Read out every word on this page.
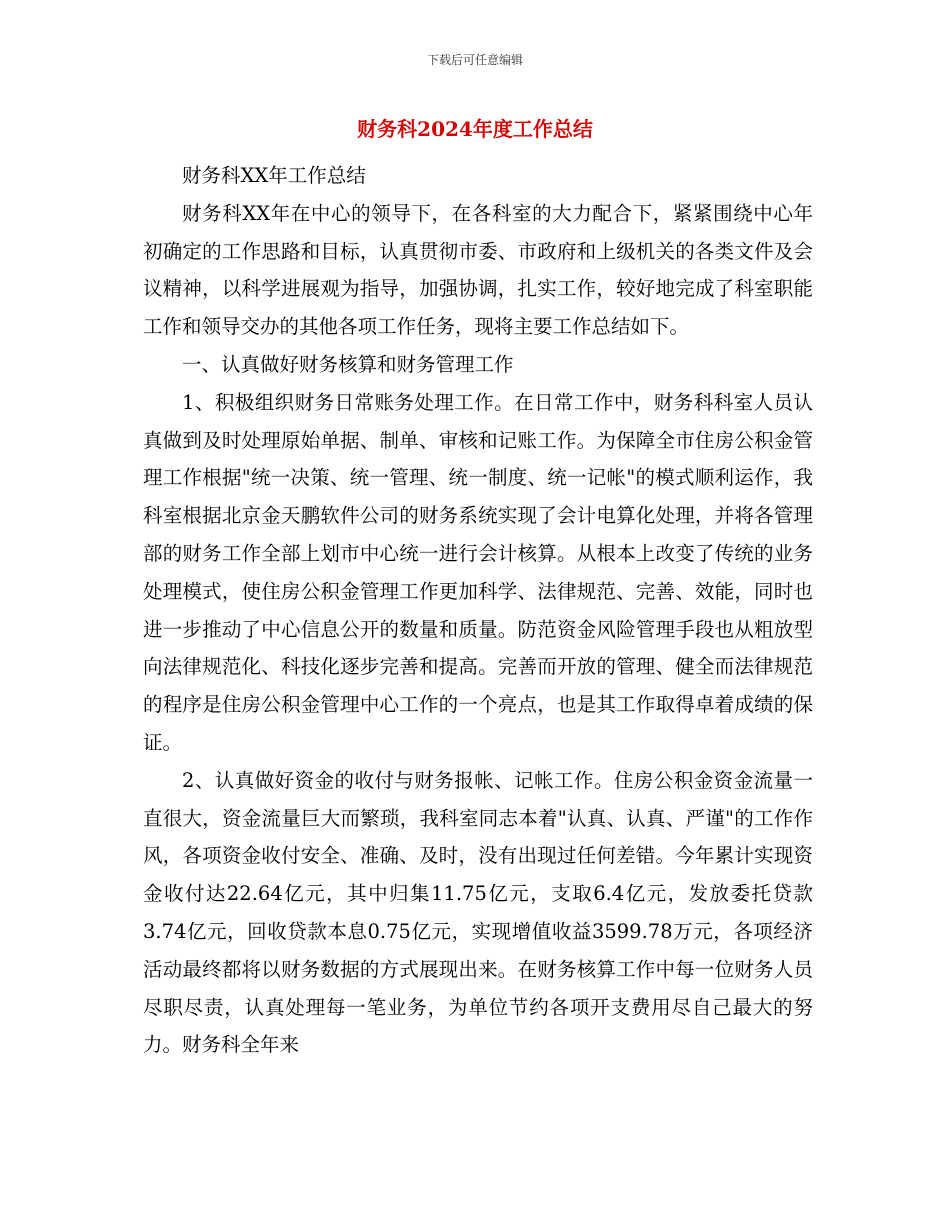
下载后可任意编辑
财务科2024年度工作总结

财务科XX年工作总结

财务科XX年在中心的领导下，在各科室的大力配合下，紧紧围绕中心年初确定的工作思路和目标，认真贯彻市委、市政府和上级机关的各类文件及会议精神，以科学进展观为指导，加强协调，扎实工作，较好地完成了科室职能工作和领导交办的其他各项工作任务，现将主要工作总结如下。

一、认真做好财务核算和财务管理工作

1、积极组织财务日常账务处理工作。在日常工作中，财务科科室人员认真做到及时处理原始单据、制单、审核和记账工作。为保障全市住房公积金管理工作根据"统一决策、统一管理、统一制度、统一记帐"的模式顺利运作，我科室根据北京金天鹏软件公司的财务系统实现了会计电算化处理，并将各管理部的财务工作全部上划市中心统一进行会计核算。从根本上改变了传统的业务处理模式，使住房公积金管理工作更加科学、法律规范、完善、效能，同时也进一步推动了中心信息公开的数量和质量。防范资金风险管理手段也从粗放型向法律规范化、科技化逐步完善和提高。完善而开放的管理、健全而法律规范的程序是住房公积金管理中心工作的一个亮点，也是其工作取得卓着成绩的保证。

2、认真做好资金的收付与财务报帐、记帐工作。住房公积金资金流量一直很大，资金流量巨大而繁琐，我科室同志本着"认真、认真、严谨"的工作作风，各项资金收付安全、准确、及时，没有出现过任何差错。今年累计实现资金收付达22.64亿元，其中归集11.75亿元，支取6.4亿元，发放委托贷款3.74亿元，回收贷款本息0.75亿元，实现增值收益3599.78万元，各项经济活动最终都将以财务数据的方式展现出来。在财务核算工作中每一位财务人员尽职尽责，认真处理每一笔业务，为单位节约各项开支费用尽自己最大的努力。财务科全年来
